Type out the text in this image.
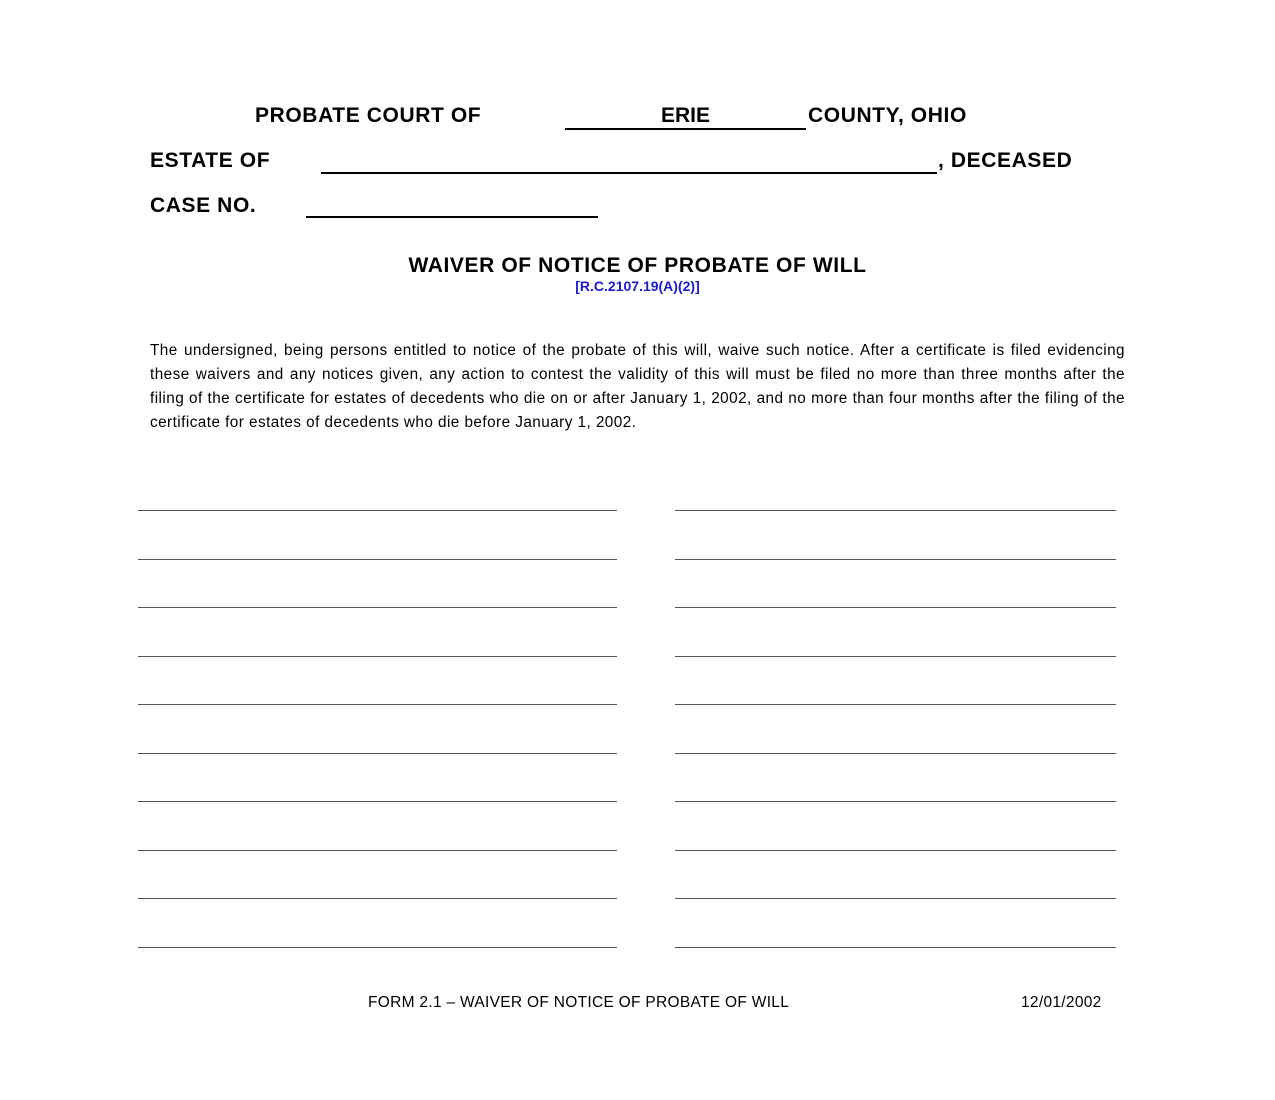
PROBATE COURT OF	ERIE	COUNTY, OHIO
ESTATE OF	, DECEASED
CASE NO.
WAIVER OF NOTICE OF PROBATE OF WILL
[R.C.2107.19(A)(2)]
The undersigned, being persons entitled to notice of the probate of this will, waive such notice. After a certificate is filed evidencing these waivers and any notices given, any action to contest the validity of this will must be filed no more than three months after the filing of the certificate for estates of decedents who die on or after January 1, 2002, and no more than four months after the filing of the certificate for estates of decedents who die before January 1, 2002.
FORM 2.1 – WAIVER OF NOTICE OF PROBATE OF WILL	12/01/2002
